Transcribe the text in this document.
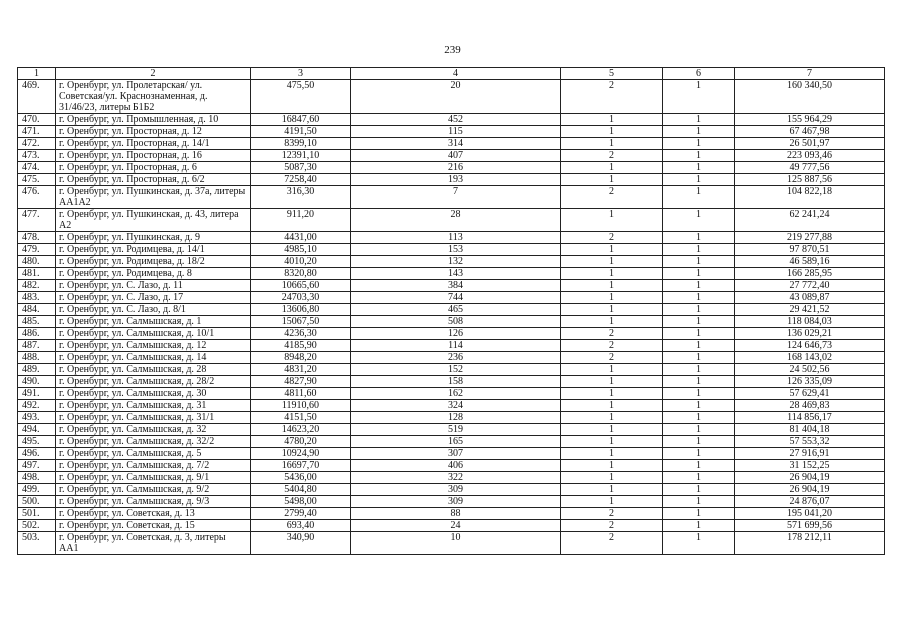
239
1	2	3	4	5	6	7
469.	г. Оренбург, ул. Пролетарская/ ул. Советская/ул. Краснознаменная, д. 31/46/23, литеры Б1Б2	475,50	20	2	1	160 340,50
470.	г. Оренбург, ул. Промышленная, д. 10	16847,60	452	1	1	155 964,29
471.	г. Оренбург, ул. Просторная, д. 12	4191,50	115	1	1	67 467,98
472.	г. Оренбург, ул. Просторная, д. 14/1	8399,10	314	1	1	26 501,97
473.	г. Оренбург, ул. Просторная, д. 16	12391,10	407	2	1	223 093,46
474.	г. Оренбург, ул. Просторная, д. 6	5087,30	216	1	1	49 777,56
475.	г. Оренбург, ул. Просторная, д. 6/2	7258,40	193	1	1	125 887,56
476.	г. Оренбург, ул. Пушкинская, д. 37а, литеры АА1А2	316,30	7	2	1	104 822,18
477.	г. Оренбург, ул. Пушкинская, д. 43, литера А2	911,20	28	1	1	62 241,24
478.	г. Оренбург, ул. Пушкинская, д. 9	4431,00	113	2	1	219 277,88
479.	г. Оренбург, ул. Родимцева, д. 14/1	4985,10	153	1	1	97 870,51
480.	г. Оренбург, ул. Родимцева, д. 18/2	4010,20	132	1	1	46 589,16
481.	г. Оренбург, ул. Родимцева, д. 8	8320,80	143	1	1	166 285,95
482.	г. Оренбург, ул. С. Лазо, д. 11	10665,60	384	1	1	27 772,40
483.	г. Оренбург, ул. С. Лазо, д. 17	24703,30	744	1	1	43 089,87
484.	г. Оренбург, ул. С. Лазо, д. 8/1	13606,80	465	1	1	29 421,52
485.	г. Оренбург, ул. Салмышская, д. 1	15067,50	508	1	1	118 084,03
486.	г. Оренбург, ул. Салмышская, д. 10/1	4236,30	126	2	1	136 029,21
487.	г. Оренбург, ул. Салмышская, д. 12	4185,90	114	2	1	124 646,73
488.	г. Оренбург, ул. Салмышская, д. 14	8948,20	236	2	1	168 143,02
489.	г. Оренбург, ул. Салмышская, д. 28	4831,20	152	1	1	24 502,56
490.	г. Оренбург, ул. Салмышская, д. 28/2	4827,90	158	1	1	126 335,09
491.	г. Оренбург, ул. Салмышская, д. 30	4811,60	162	1	1	57 629,41
492.	г. Оренбург, ул. Салмышская, д. 31	11910,60	324	1	1	28 469,83
493.	г. Оренбург, ул. Салмышская, д. 31/1	4151,50	128	1	1	114 856,17
494.	г. Оренбург, ул. Салмышская, д. 32	14623,20	519	1	1	81 404,18
495.	г. Оренбург, ул. Салмышская, д. 32/2	4780,20	165	1	1	57 553,32
496.	г. Оренбург, ул. Салмышская, д. 5	10924,90	307	1	1	27 916,91
497.	г. Оренбург, ул. Салмышская, д. 7/2	16697,70	406	1	1	31 152,25
498.	г. Оренбург, ул. Салмышская, д. 9/1	5436,00	322	1	1	26 904,19
499.	г. Оренбург, ул. Салмышская, д. 9/2	5404,80	309	1	1	26 904,19
500.	г. Оренбург, ул. Салмышская, д. 9/3	5498,00	309	1	1	24 876,07
501.	г. Оренбург, ул. Советская, д. 13	2799,40	88	2	1	195 041,20
502.	г. Оренбург, ул. Советская, д. 15	693,40	24	2	1	571 699,56
503.	г. Оренбург, ул. Советская, д. 3, литеры АА1	340,90	10	2	1	178 212,11
